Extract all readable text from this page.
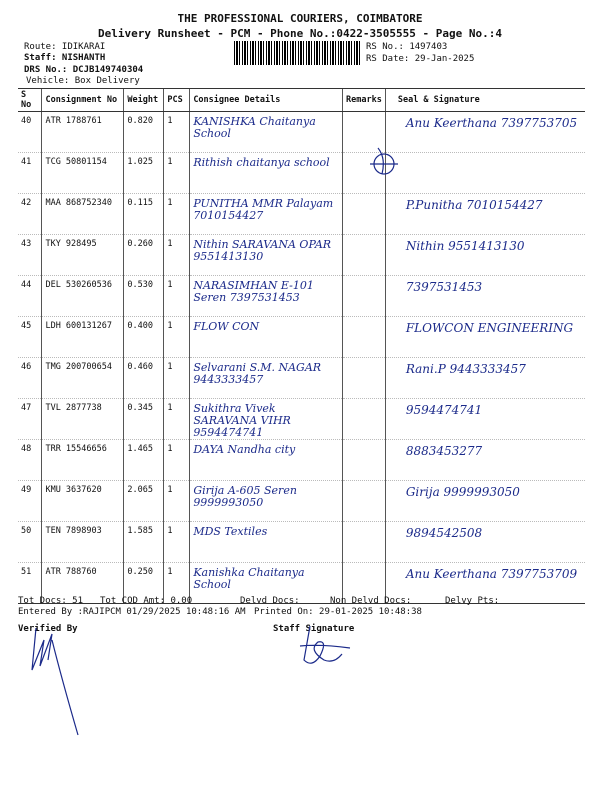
THE PROFESSIONAL COURIERS, COIMBATORE
Delivery Runsheet - PCM - Phone No.:0422-3505555 - Page No.:4
Route: IDIKARAI
Staff: NISHANTH
DRS No.: DCJB149740304
Vehicle: Box Delivery
RS No.: 1497403
RS Date: 29-Jan-2025
S No	Consignment No	Weight	PCS	Consignee Details	Remarks	Seal & Signature
40	ATR 1788761	0.820	1	KANISHKA Chaitanya School		Anu Keerthana 7397753705
41	TCG 50801154	1.025	1	Rithish chaitanya school		
42	MAA 868752340	0.115	1	PUNITHA MMR Palayam 7010154427		P.Punitha 7010154427
43	TKY 928495	0.260	1	Nithin SARAVANA OPAR 9551413130		Nithin 9551413130
44	DEL 530260536	0.530	1	NARASIMHAN E-101 Seren 7397531453		7397531453
45	LDH 600131267	0.400	1	FLOW CON		FLOWCON ENGINEERING
46	TMG 200700654	0.460	1	Selvarani S.M. NAGAR 9443333457		Rani.P 9443333457
47	TVL 2877738	0.345	1	Sukithra Vivek SARAVANA VIHR 9594474741		9594474741
48	TRR 15546656	1.465	1	DAYA Nandha city		8883453277
49	KMU 3637620	2.065	1	Girija A-605 Seren 9999993050		Girija 9999993050
50	TEN 7898903	1.585	1	MDS Textiles		9894542508
51	ATR 788760	0.250	1	Kanishka Chaitanya School		Anu Keerthana 7397753709
Tot Docs: 51 Tot COD Amt: 0.00	Delvd Docs:	Non Delvd Docs:	Delvy Pts:
Entered By :RAJIPCM 01/29/2025 10:48:16 AM Printed On: 29-01-2025 10:48:38
Verified By	Staff Signature
